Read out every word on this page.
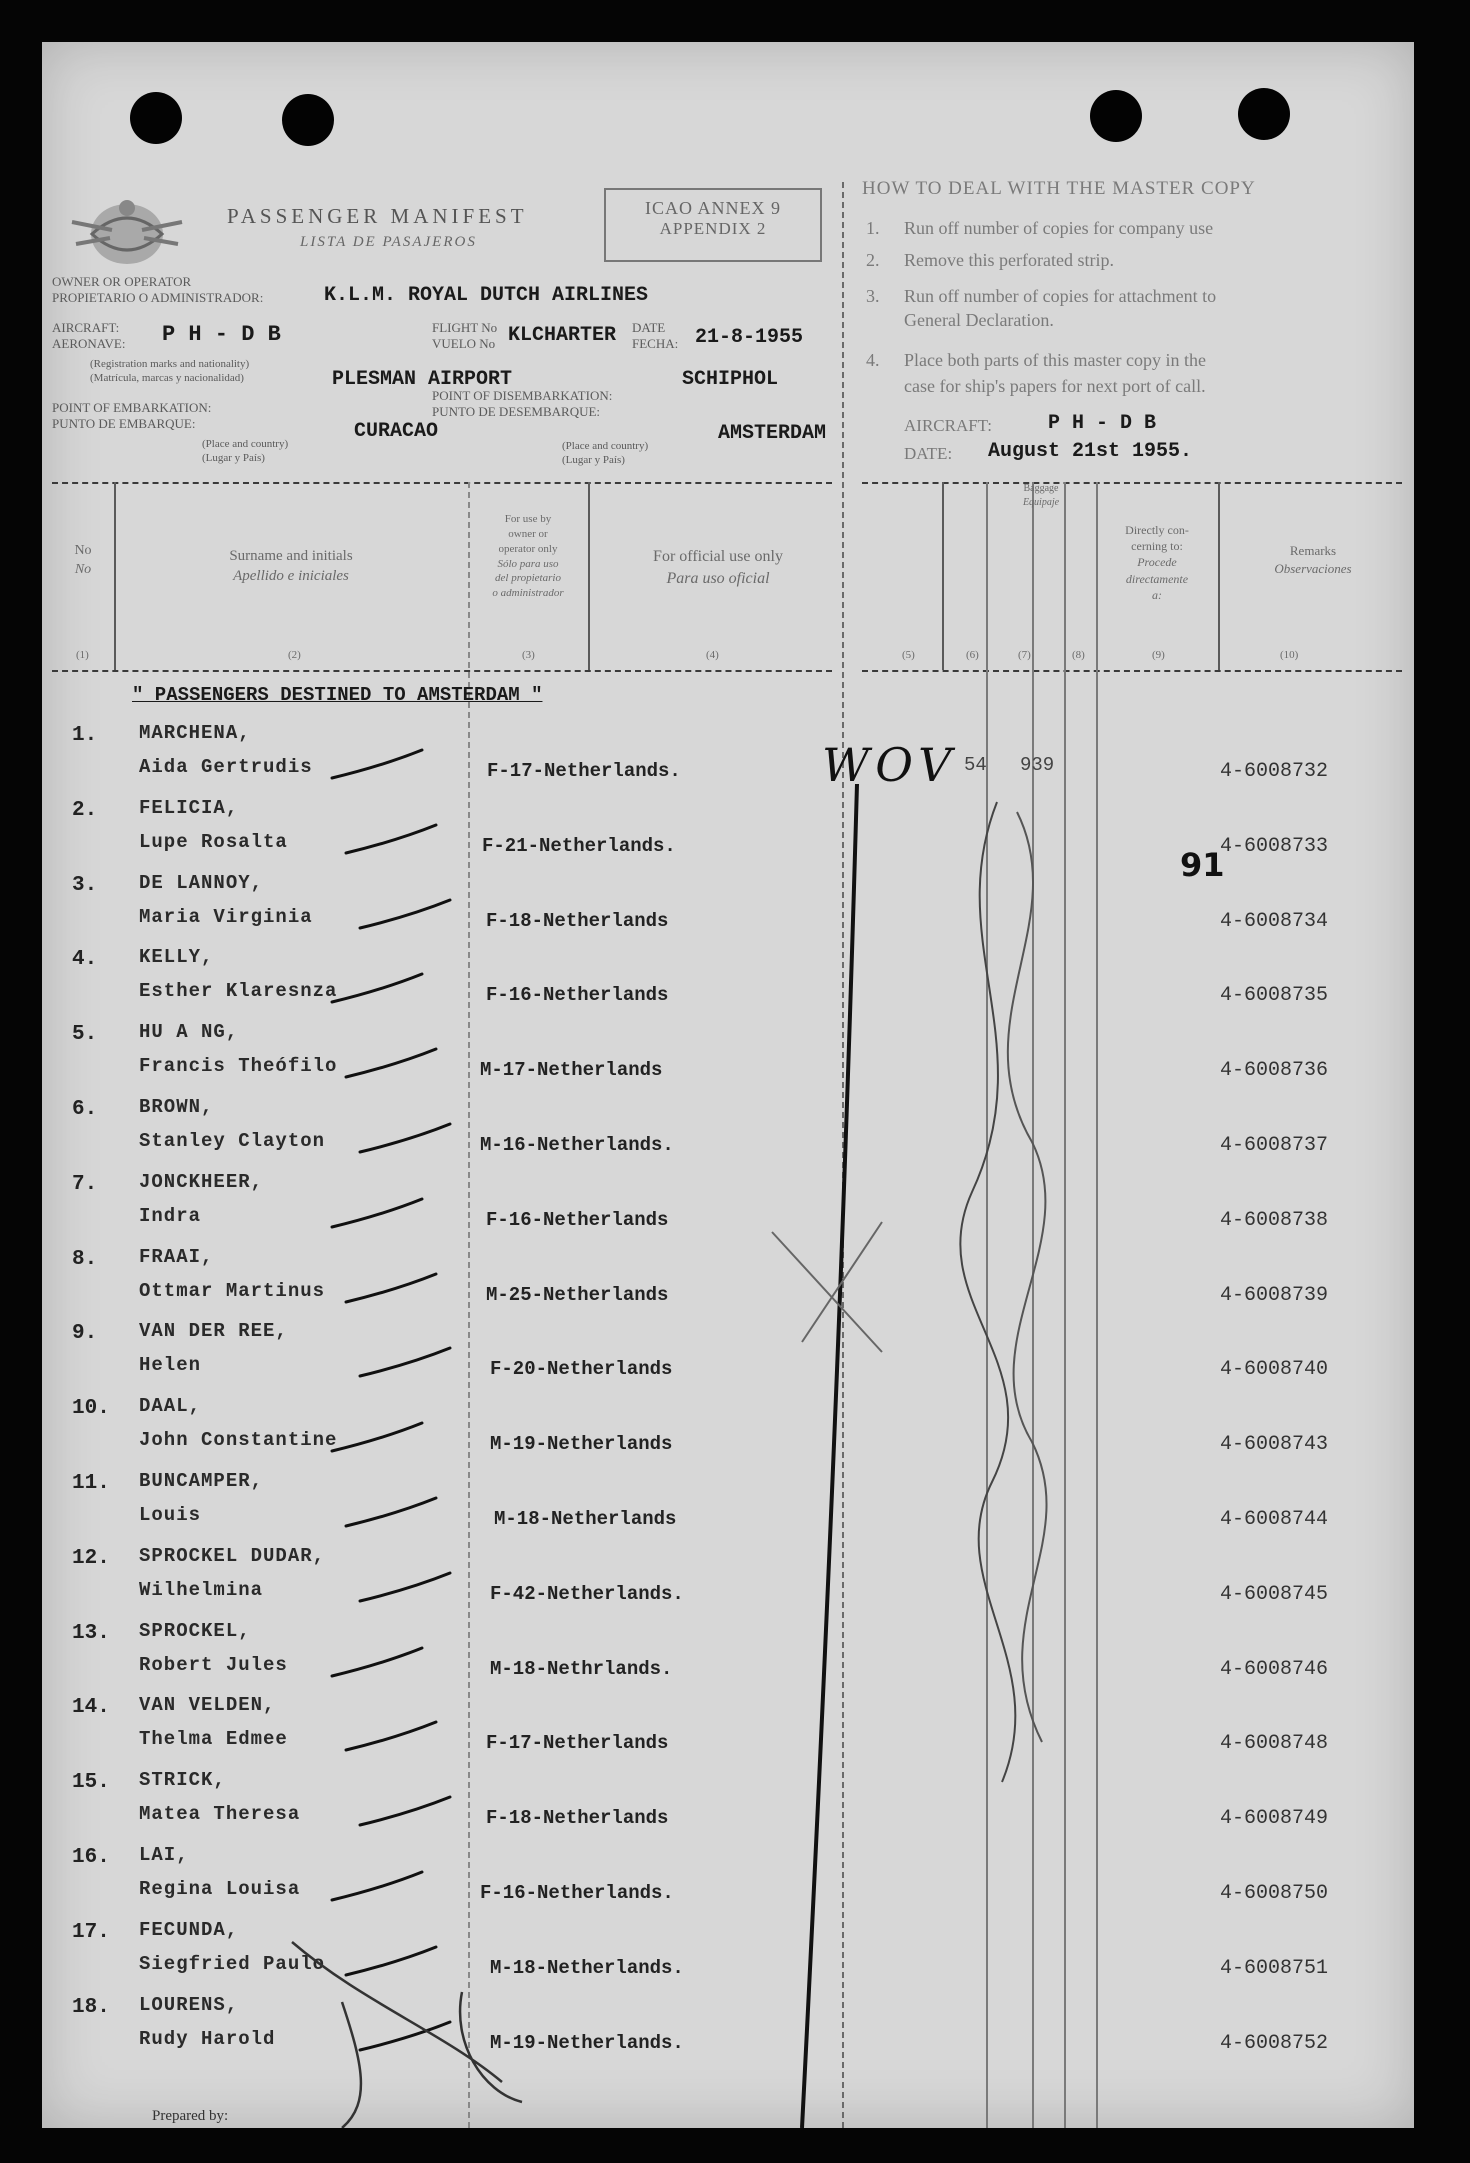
PASSENGER MANIFEST
LISTA DE PASAJEROS
ICAO ANNEX 9
APPENDIX 2
OWNER OR OPERATOR
PROPIETARIO O ADMINISTRADOR:	K.L.M. ROYAL DUTCH AIRLINES
AIRCRAFT:
AERONAVE: P H - D B	FLIGHT No
VUELO No KLCHARTER DATE
FECHA: 21-8-1955
(Registration marks and nationality)
(Matrícula, marcas y nacionalidad)	PLESMAN AIRPORT
POINT OF DISEMBARKATION:
PUNTO DE DESEMBARQUE:
SCHIPHOL
POINT OF EMBARKATION:
PUNTO DE EMBARQUE:	CURACAO	AMSTERDAM
(Place and country)
(Lugar y País)
(Place and country)
(Lugar y País)
HOW TO DEAL WITH THE MASTER COPY
1. Run off number of copies for company use
2. Remove this perforated strip.
3. Run off number of copies for attachment to
General Declaration.
4. Place both parts of this master copy in the
case for ship's papers for next port of call.
AIRCRAFT:	P H - D B
DATE: August 21st 1955.
No
No
Surname and initials
Apellido e iniciales
For use by
owner or
operator only
Sólo para uso
del propietario
o administrador
For official use only
Para uso oficial
Baggage
Equipaje
Directly con-
cerning to:
Procede
directamente
a:
Remarks
Observaciones
(1)	(2)	(3)	(4)	(5)	(6)	(7)	(8)	(9)	(10)
" PASSENGERS DESTINED TO AMSTERDAM "
WOV 54 939
91
1. MARCHENA,
Aida Gertrudis	F-17-Netherlands.	4-6008732
2. FELICIA,
Lupe Rosalta	F-21-Netherlands.	4-6008733
3. DE LANNOY,
Maria Virginia	F-18-Netherlands	4-6008734
4. KELLY,
Esther Klaresnza	F-16-Netherlands	4-6008735
5. HU A NG,
Francis Theófilo	M-17-Netherlands	4-6008736
6. BROWN,
Stanley Clayton	M-16-Netherlands.	4-6008737
7. JONCKHEER,
Indra	F-16-Netherlands	4-6008738
8. FRAAI,
Ottmar Martinus	M-25-Netherlands	4-6008739
9. VAN DER REE,
Helen	F-20-Netherlands	4-6008740
10. DAAL,
John Constantine	M-19-Netherlands	4-6008743
11. BUNCAMPER,
Louis	M-18-Netherlands	4-6008744
12. SPROCKEL DUDAR,
Wilhelmina	F-42-Netherlands.	4-6008745
13. SPROCKEL,
Robert Jules	M-18-Nethrlands.	4-6008746
14. VAN VELDEN,
Thelma Edmee	F-17-Netherlands	4-6008748
15. STRICK,
Matea Theresa	F-18-Netherlands	4-6008749
16. LAI,
Regina Louisa	F-16-Netherlands.	4-6008750
17. FECUNDA,
Siegfried Paulo	M-18-Netherlands.	4-6008751
18. LOURENS,
Rudy Harold	M-19-Netherlands.	4-6008752
Prepared by:
